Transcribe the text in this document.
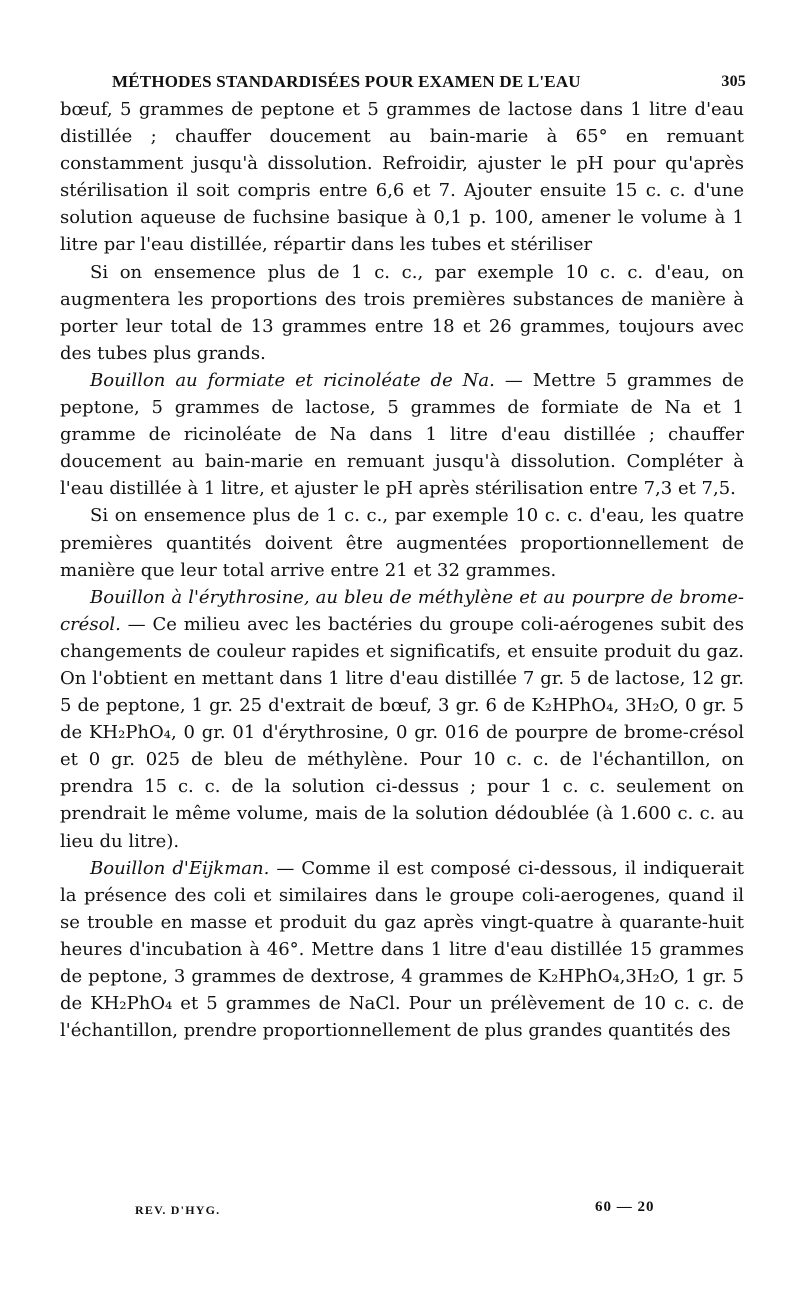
MÉTHODES STANDARDISÉES POUR EXAMEN DE L'EAU	305

bœuf, 5 grammes de peptone et 5 grammes de lactose dans 1 litre d'eau distillée ; chauffer doucement au bain-marie à 65° en remuant constamment jusqu'à dissolution. Refroidir, ajuster le pH pour qu'après stérilisation il soit compris entre 6,6 et 7. Ajouter ensuite 15 c. c. d'une solution aqueuse de fuchsine basique à 0,1 p. 100, amener le volume à 1 litre par l'eau distillée, répartir dans les tubes et stériliser

Si on ensemence plus de 1 c. c., par exemple 10 c. c. d'eau, on augmentera les proportions des trois premières substances de manière à porter leur total de 13 grammes entre 18 et 26 grammes, toujours avec des tubes plus grands.

Bouillon au formiate et ricinoléate de Na. — Mettre 5 grammes de peptone, 5 grammes de lactose, 5 grammes de formiate de Na et 1 gramme de ricinoléate de Na dans 1 litre d'eau distillée ; chauffer doucement au bain-marie en remuant jusqu'à dissolution. Compléter à l'eau distillée à 1 litre, et ajuster le pH après stérilisation entre 7,3 et 7,5.

Si on ensemence plus de 1 c. c., par exemple 10 c. c. d'eau, les quatre premières quantités doivent être augmentées proportionnellement de manière que leur total arrive entre 21 et 32 grammes.

Bouillon à l'érythrosine, au bleu de méthylène et au pourpre de brome-crésol. — Ce milieu avec les bactéries du groupe coli-aérogenes subit des changements de couleur rapides et significatifs, et ensuite produit du gaz. On l'obtient en mettant dans 1 litre d'eau distillée 7 gr. 5 de lactose, 12 gr. 5 de peptone, 1 gr. 25 d'extrait de bœuf, 3 gr. 6 de K₂HPhO₄, 3H₂O, 0 gr. 5 de KH₂PhO₄, 0 gr. 01 d'érythrosine, 0 gr. 016 de pourpre de brome-crésol et 0 gr. 025 de bleu de méthylène. Pour 10 c. c. de l'échantillon, on prendra 15 c. c. de la solution ci-dessus ; pour 1 c. c. seulement on prendrait le même volume, mais de la solution dédoublée (à 1.600 c. c. au lieu du litre).

Bouillon d'Eijkman. — Comme il est composé ci-dessous, il indiquerait la présence des coli et similaires dans le groupe coli-aerogenes, quand il se trouble en masse et produit du gaz après vingt-quatre à quarante-huit heures d'incubation à 46°. Mettre dans 1 litre d'eau distillée 15 grammes de peptone, 3 grammes de dextrose, 4 grammes de K₂HPhO₄,3H₂O, 1 gr. 5 de KH₂PhO₄ et 5 grammes de NaCl. Pour un prélèvement de 10 c. c. de l'échantillon, prendre proportionnellement de plus grandes quantités des

REV. D'HYG.	60 — 20
